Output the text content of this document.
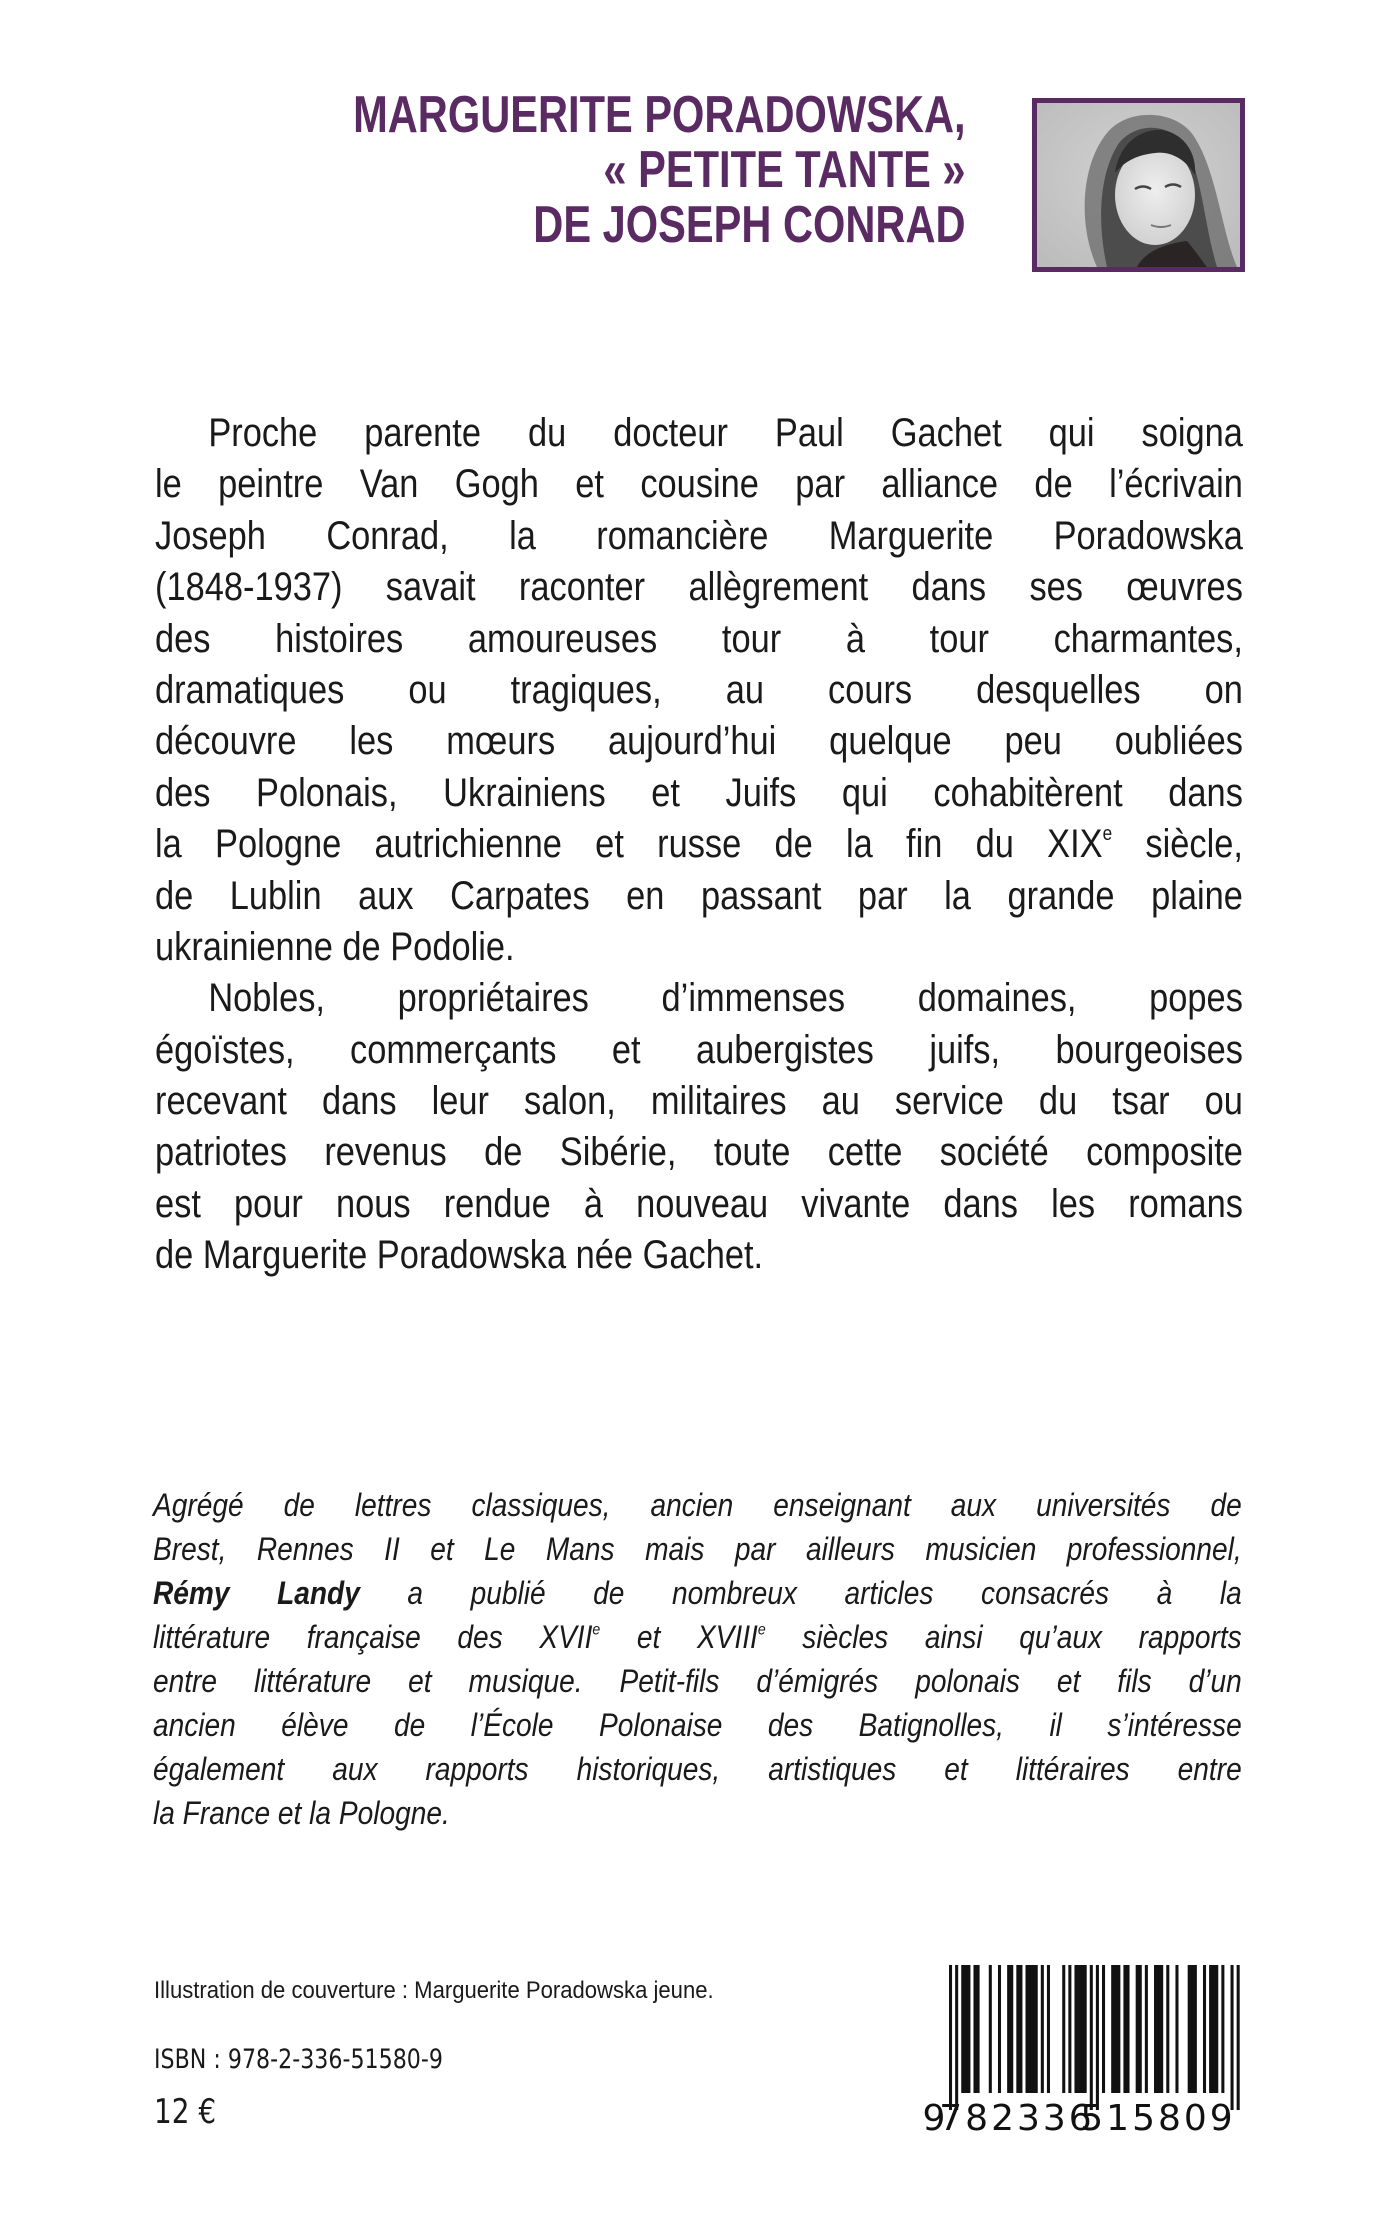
MARGUERITE PORADOWSKA,
« PETITE TANTE »
DE JOSEPH CONRAD
Proche parente du docteur Paul Gachet qui soigna
le peintre Van Gogh et cousine par alliance de l’écrivain
Joseph Conrad, la romancière Marguerite Poradowska
(1848-1937) savait raconter allègrement dans ses œuvres
des histoires amoureuses tour à tour charmantes,
dramatiques ou tragiques, au cours desquelles on
découvre les mœurs aujourd’hui quelque peu oubliées
des Polonais, Ukrainiens et Juifs qui cohabitèrent dans
la Pologne autrichienne et russe de la fin du XIXe siècle,
de Lublin aux Carpates en passant par la grande plaine
ukrainienne de Podolie.
Nobles, propriétaires d’immenses domaines, popes
égoïstes, commerçants et aubergistes juifs, bourgeoises
recevant dans leur salon, militaires au service du tsar ou
patriotes revenus de Sibérie, toute cette société composite
est pour nous rendue à nouveau vivante dans les romans
de Marguerite Poradowska née Gachet.
Agrégé de lettres classiques, ancien enseignant aux universités de
Brest, Rennes II et Le Mans mais par ailleurs musicien professionnel,
Rémy Landy a publié de nombreux articles consacrés à la
littérature française des XVIIe et XVIIIe siècles ainsi qu’aux rapports
entre littérature et musique. Petit-fils d’émigrés polonais et fils d’un
ancien élève de l’École Polonaise des Batignolles, il s’intéresse
également aux rapports historiques, artistiques et littéraires entre
la France et la Pologne.
Illustration de couverture : Marguerite Poradowska jeune.
ISBN : 978-2-336-51580-9
12 €	9
782336
515809
